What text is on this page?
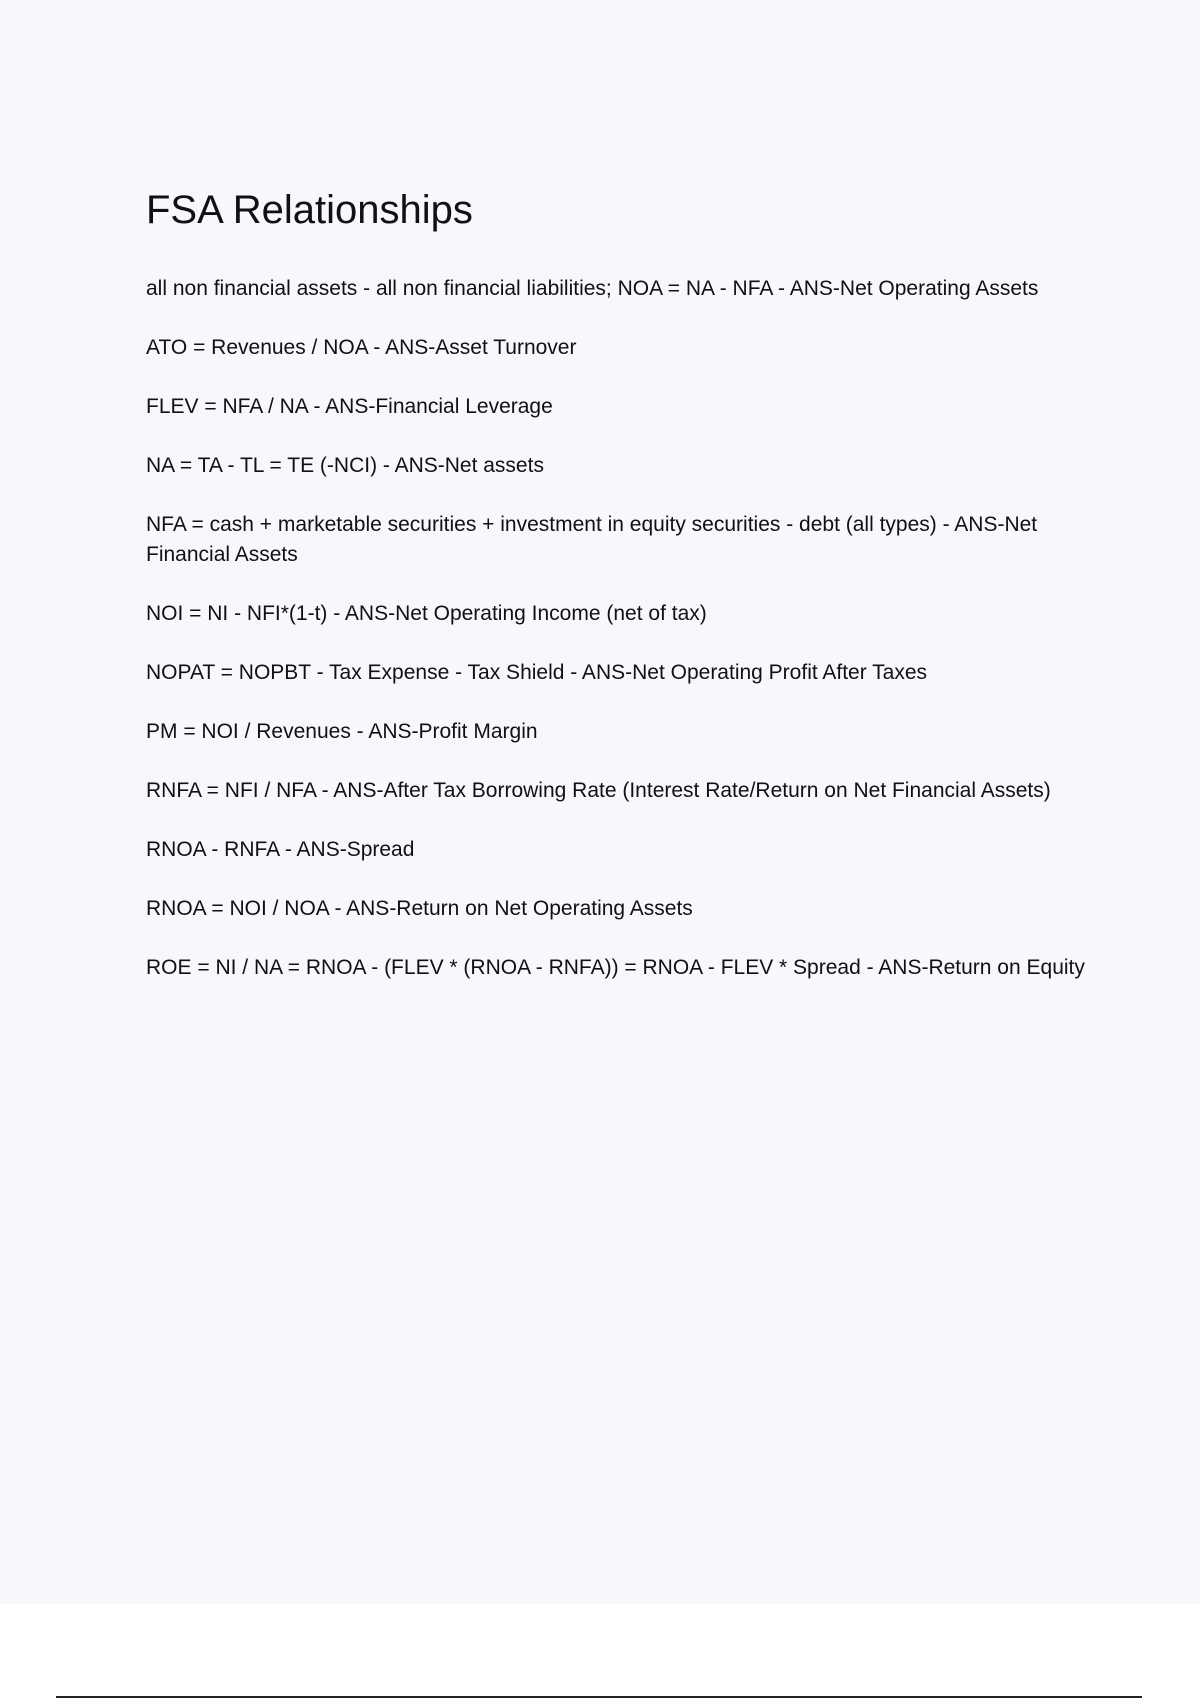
FSA Relationships

all non financial assets - all non financial liabilities; NOA = NA - NFA - ANS-Net Operating Assets

ATO = Revenues / NOA - ANS-Asset Turnover

FLEV = NFA / NA - ANS-Financial Leverage

NA = TA - TL = TE (-NCI) - ANS-Net assets

NFA = cash + marketable securities + investment in equity securities - debt (all types) - ANS-Net Financial Assets

NOI = NI - NFI*(1-t) - ANS-Net Operating Income (net of tax)

NOPAT = NOPBT - Tax Expense - Tax Shield - ANS-Net Operating Profit After Taxes

PM = NOI / Revenues - ANS-Profit Margin

RNFA = NFI / NFA - ANS-After Tax Borrowing Rate (Interest Rate/Return on Net Financial Assets)

RNOA - RNFA - ANS-Spread

RNOA = NOI / NOA - ANS-Return on Net Operating Assets

ROE = NI / NA = RNOA - (FLEV * (RNOA - RNFA)) = RNOA - FLEV * Spread - ANS-Return on Equity
